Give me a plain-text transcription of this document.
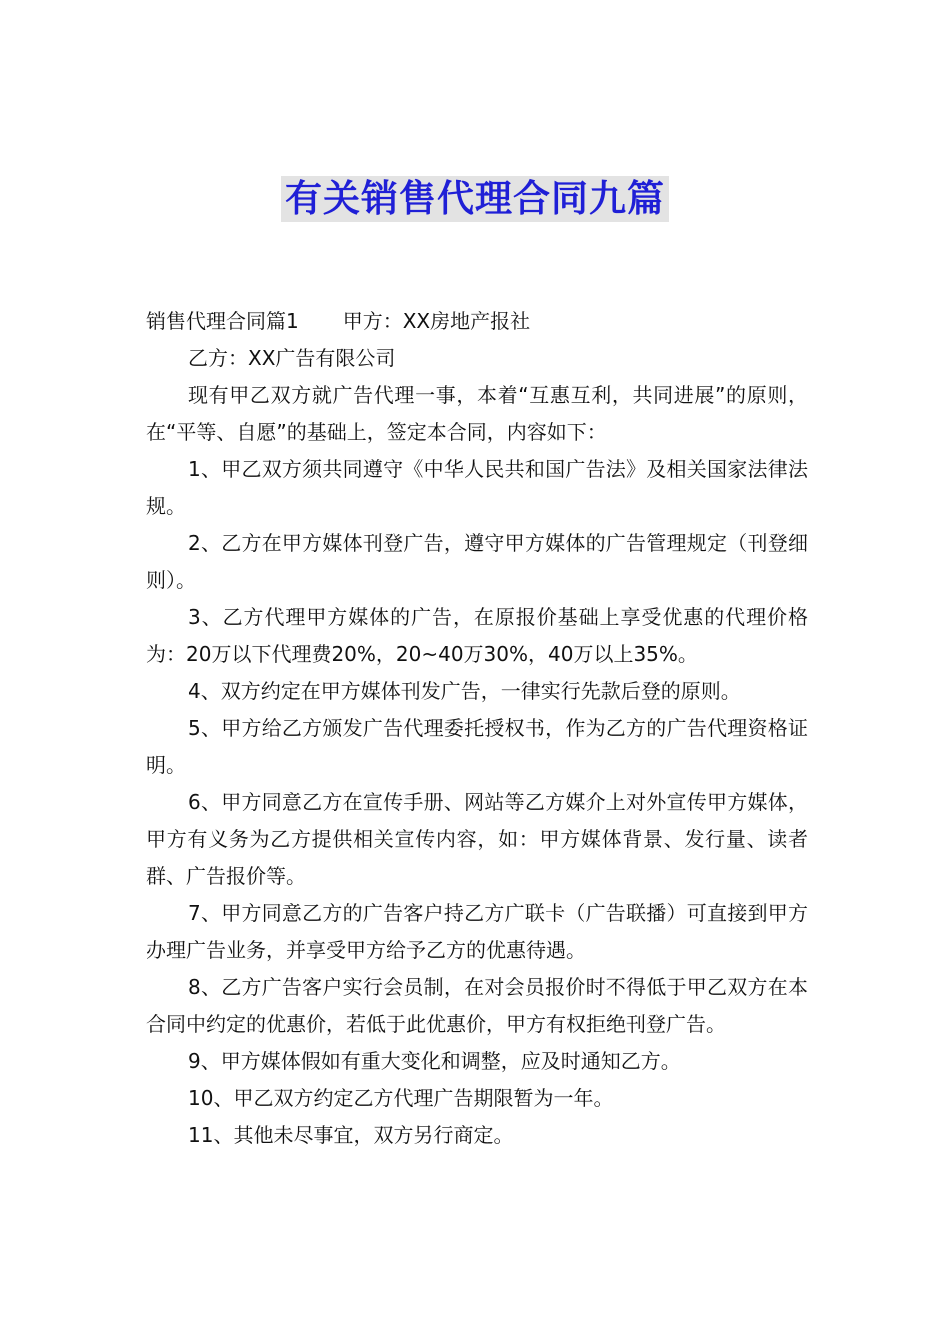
有关销售代理合同九篇

销售代理合同篇1 甲方：XX房地产报社

乙方：XX广告有限公司

现有甲乙双方就广告代理一事，本着“互惠互利，共同进展”的原则，在“平等、自愿”的基础上，签定本合同，内容如下：

1、甲乙双方须共同遵守《中华人民共和国广告法》及相关国家法律法规。

2、乙方在甲方媒体刊登广告，遵守甲方媒体的广告管理规定（刊登细则）。

3、乙方代理甲方媒体的广告，在原报价基础上享受优惠的代理价格为：20万以下代理费20%，20~40万30%，40万以上35%。

4、双方约定在甲方媒体刊发广告，一律实行先款后登的原则。

5、甲方给乙方颁发广告代理委托授权书，作为乙方的广告代理资格证明。

6、甲方同意乙方在宣传手册、网站等乙方媒介上对外宣传甲方媒体，甲方有义务为乙方提供相关宣传内容，如：甲方媒体背景、发行量、读者群、广告报价等。

7、甲方同意乙方的广告客户持乙方广联卡（广告联播）可直接到甲方办理广告业务，并享受甲方给予乙方的优惠待遇。

8、乙方广告客户实行会员制，在对会员报价时不得低于甲乙双方在本合同中约定的优惠价，若低于此优惠价，甲方有权拒绝刊登广告。

9、甲方媒体假如有重大变化和调整，应及时通知乙方。

10、甲乙双方约定乙方代理广告期限暂为一年。

11、其他未尽事宜，双方另行商定。
